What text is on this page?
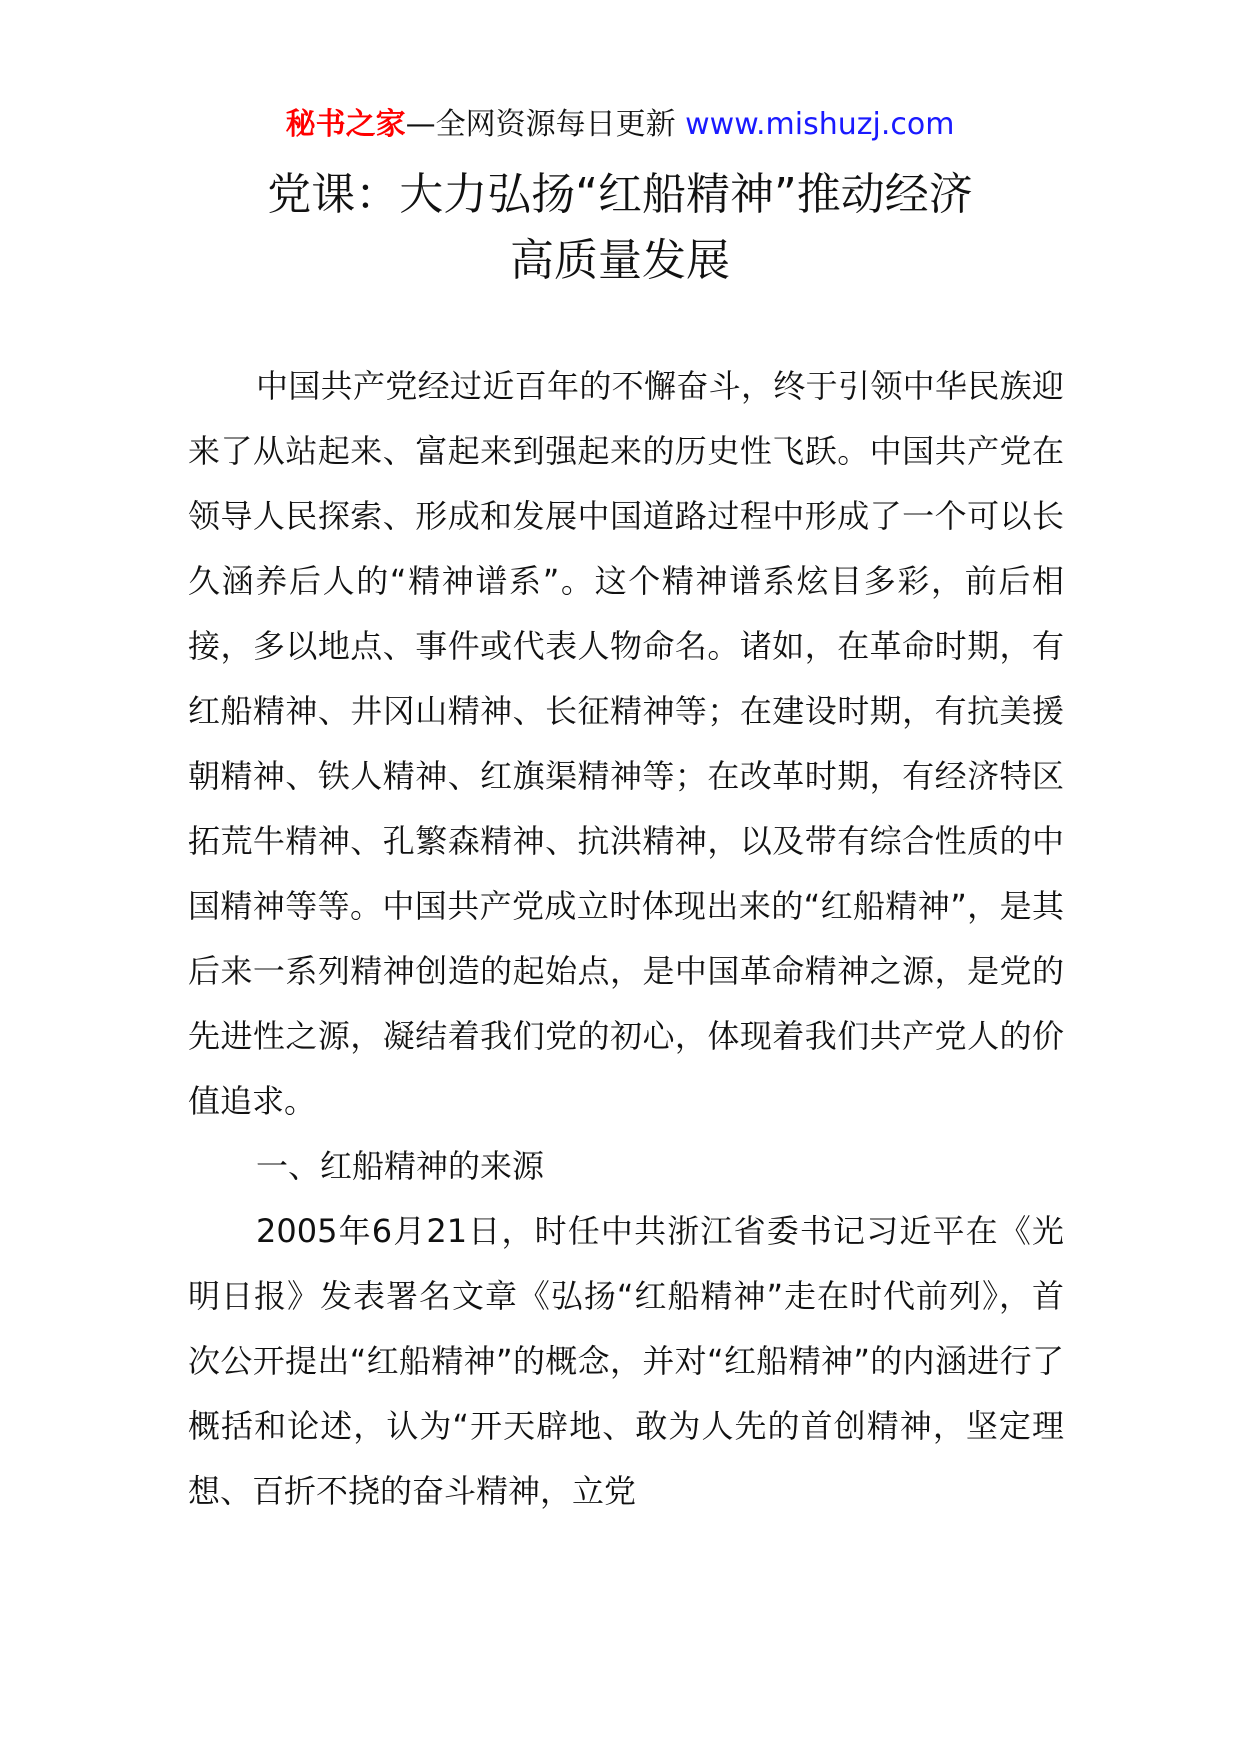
秘书之家—全网资源每日更新 www.mishuzj.com
党课：大力弘扬“红船精神”推动经济
高质量发展

中国共产党经过近百年的不懈奋斗，终于引领中华民族迎来了从站起来、富起来到强起来的历史性飞跃。中国共产党在领导人民探索、形成和发展中国道路过程中形成了一个可以长久涵养后人的“精神谱系”。这个精神谱系炫目多彩，前后相接，多以地点、事件或代表人物命名。诸如，在革命时期，有红船精神、井冈山精神、长征精神等；在建设时期，有抗美援朝精神、铁人精神、红旗渠精神等；在改革时期，有经济特区拓荒牛精神、孔繁森精神、抗洪精神，以及带有综合性质的中国精神等等。中国共产党成立时体现出来的“红船精神”，是其后来一系列精神创造的起始点，是中国革命精神之源，是党的先进性之源，凝结着我们党的初心，体现着我们共产党人的价值追求。

一、红船精神的来源

2005年6月21日，时任中共浙江省委书记习近平在《光明日报》发表署名文章《弘扬“红船精神”走在时代前列》，首次公开提出“红船精神”的概念，并对“红船精神”的内涵进行了概括和论述，认为“开天辟地、敢为人先的首创精神，坚定理想、百折不挠的奋斗精神，立党
